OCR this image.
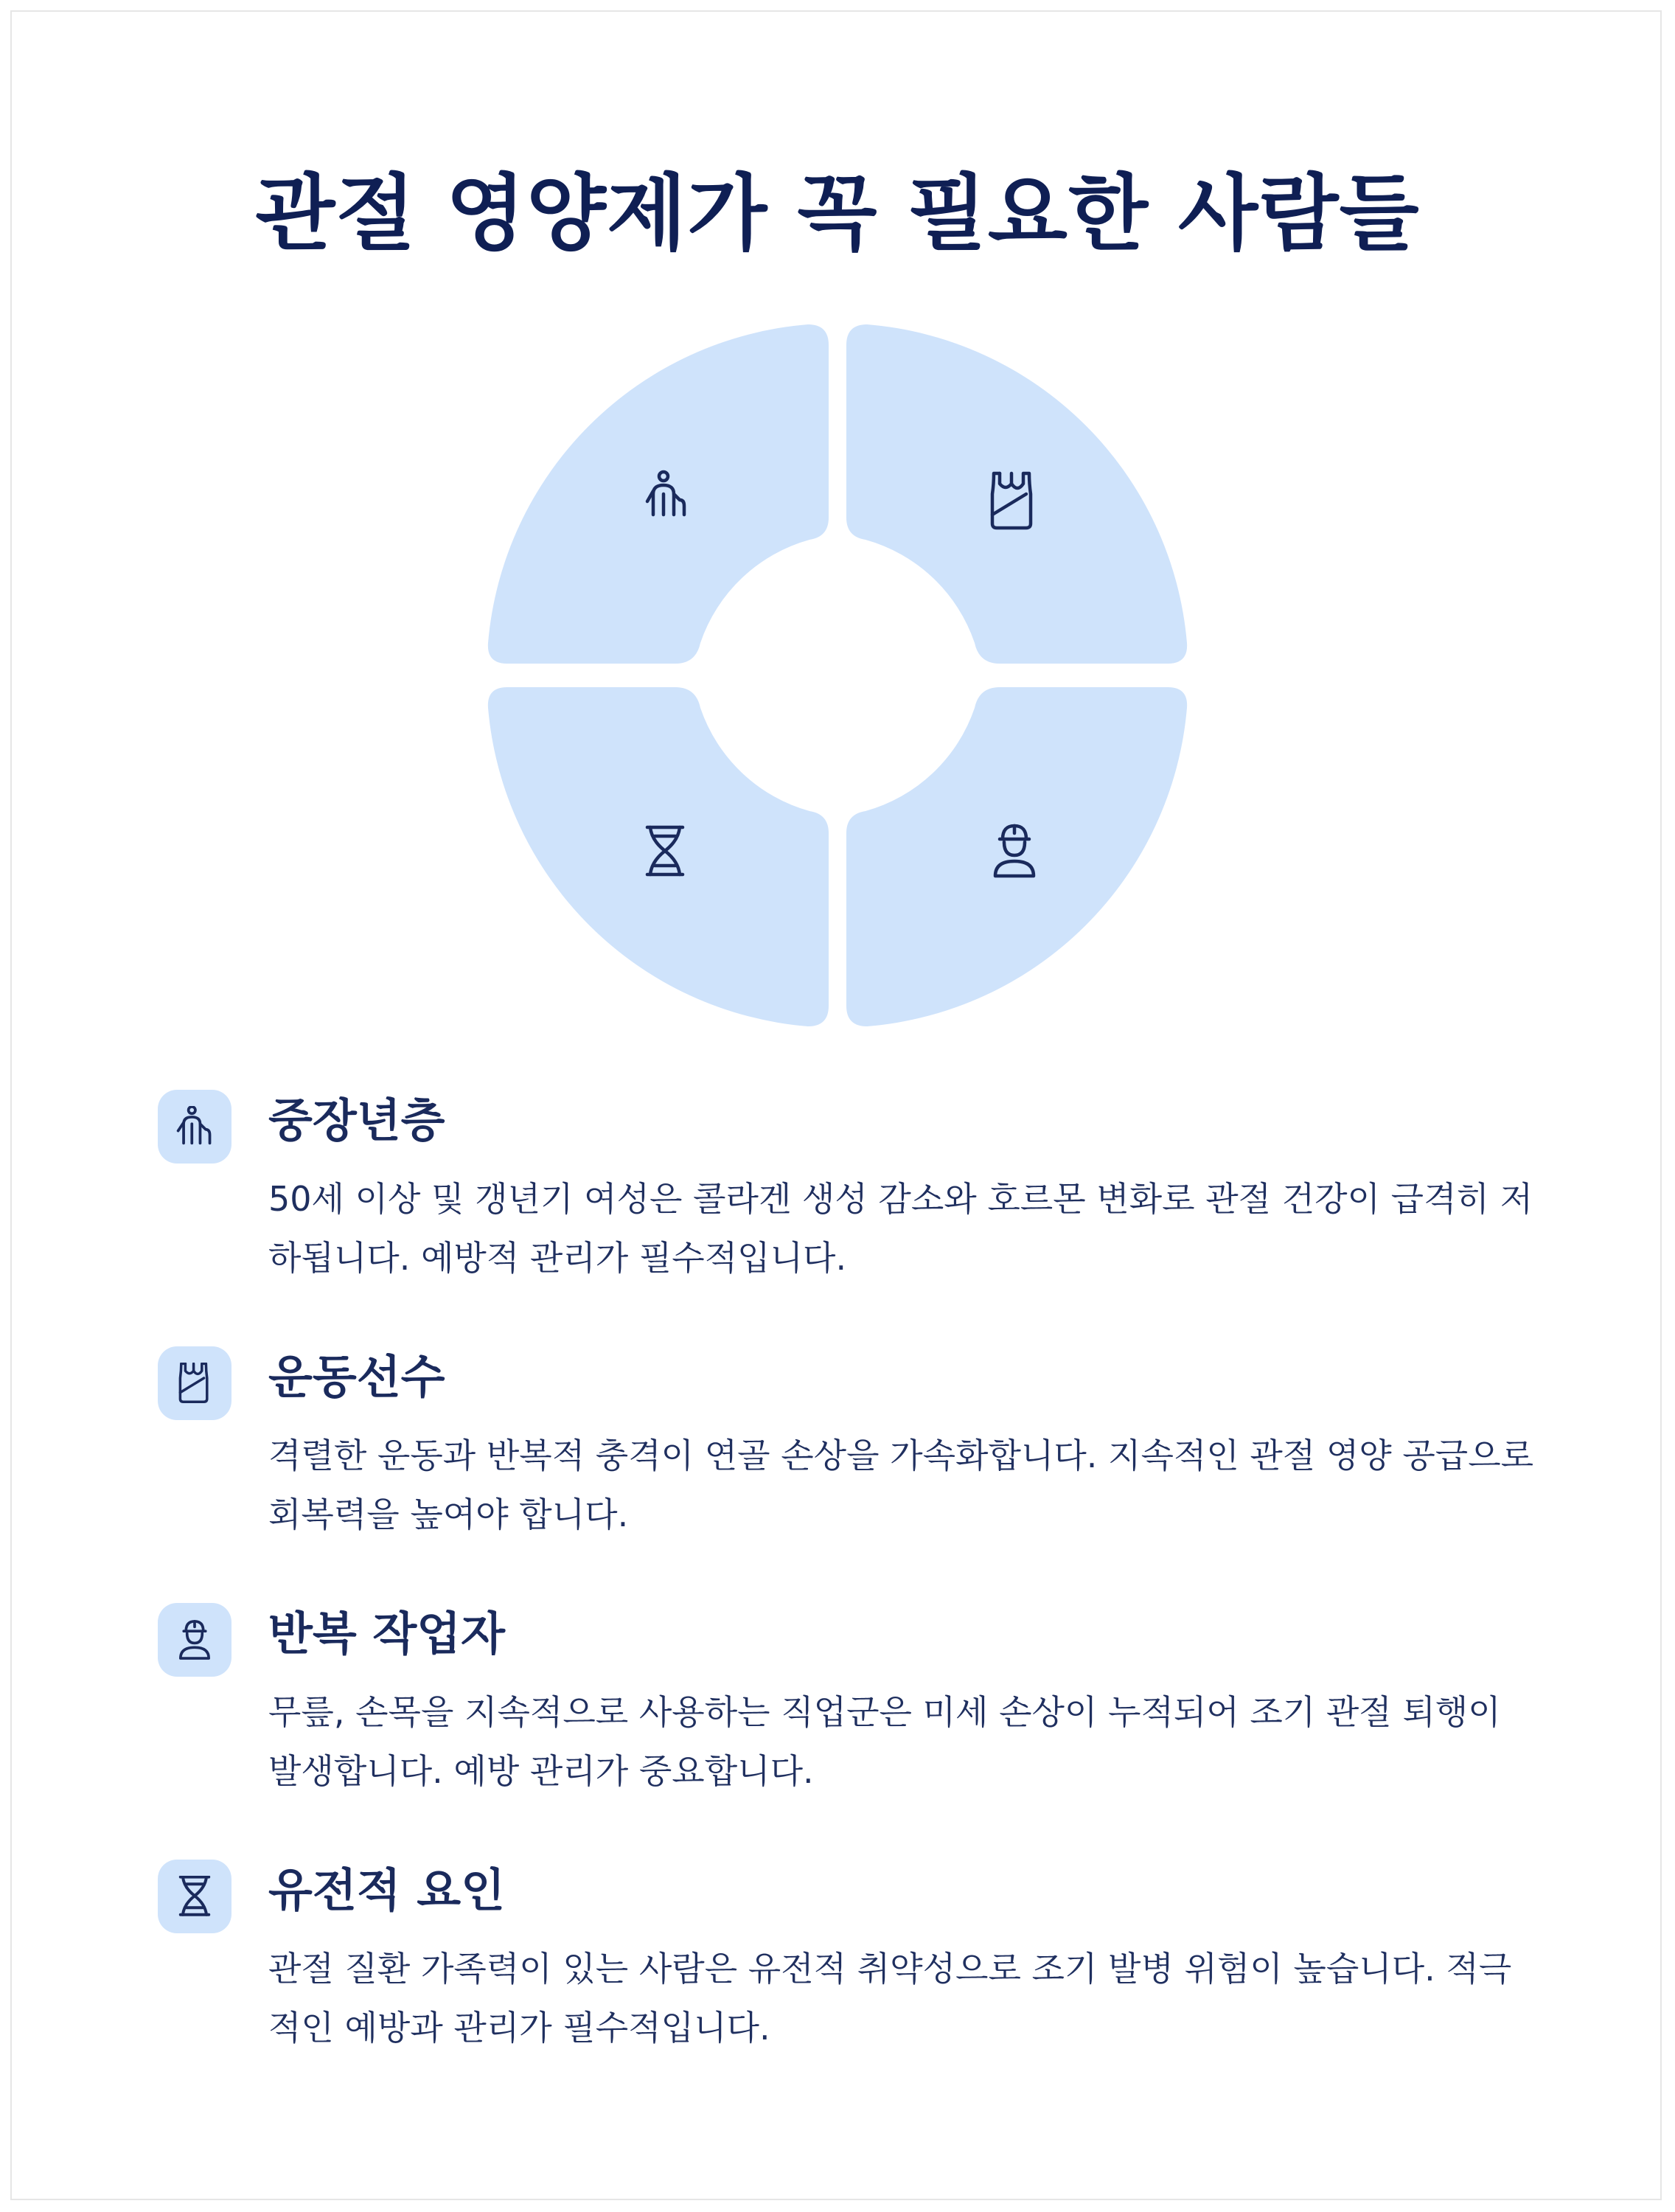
관절 영양제가 꼭 필요한 사람들
중장년층
50세 이상 및 갱년기 여성은 콜라겐 생성 감소와 호르몬 변화로 관절 건강이 급격히 저하됩니다. 예방적 관리가 필수적입니다.
운동선수
격렬한 운동과 반복적 충격이 연골 손상을 가속화합니다. 지속적인 관절 영양 공급으로 회복력을 높여야 합니다.
반복 작업자
무릎, 손목을 지속적으로 사용하는 직업군은 미세 손상이 누적되어 조기 관절 퇴행이 발생합니다. 예방 관리가 중요합니다.
유전적 요인
관절 질환 가족력이 있는 사람은 유전적 취약성으로 조기 발병 위험이 높습니다. 적극적인 예방과 관리가 필수적입니다.
